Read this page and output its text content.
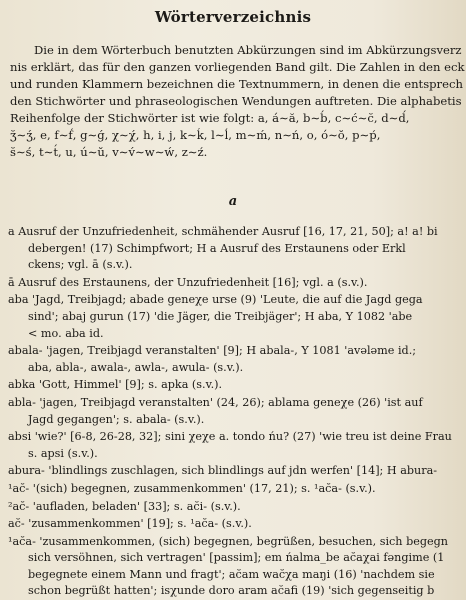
Wörterverzeichnis

Die in dem Wörterbuch benutzten Abkürzungen sind im Abkürzungsverz

nis erklärt, das für den ganzen vorliegenden Band gilt. Die Zahlen in den eck

und runden Klammern bezeichnen die Textnummern, in denen die entsprech

den Stichwörter und phraseologischen Wendungen auftreten. Die alphabetis

Reihenfolge der Stichwörter ist wie folgt: a, á∼ă, b∼b́, c∼ć∼c̆, d∼d́,

ʒ̆∼ʒ́, e, f∼f́, g∼ǵ, χ∼χ́, h, i, j, k∼ḱ, l∼ĺ, m∼ḿ, n∼ń, o, ó∼ŏ, p∼ṕ,

s̆∼ś, t∼t́, u, ú∼ŭ, v∼v́∼w∼ẃ, z∼ź.

a

a Ausruf der Unzufriedenheit, schmähender Ausruf [16, 17, 21, 50]; a! a! bi

debergen! (17) Schimpfwort; H a Ausruf des Erstaunens oder Erkl

ckens; vgl. ā (s.v.).

ā Ausruf des Erstaunens, der Unzufriedenheit [16]; vgl. a (s.v.).

aba 'Jagd, Treibjagd; abade geneχe urse (9) 'Leute, die auf die Jagd gega

sind'; abaj gurun (17) 'die Jäger, die Treibjäger'; H aba, Y 1082 'abe

< mo. aba id.

abala- 'jagen, Treibjagd veranstalten' [9]; H abala-, Y 1081 'avələme id.;

aba, abla-, awala-, awla-, awula- (s.v.).

abka 'Gott, Himmel' [9]; s. apka (s.v.).

abla- 'jagen, Treibjagd veranstalten' (24, 26); ablama geneχe (26) 'ist auf

Jagd gegangen'; s. abala- (s.v.).

absi 'wie?' [6-8, 26-28, 32]; sini χeχe a. tondo ńu? (27) 'wie treu ist deine Frau

s. apsi (s.v.).

abura- 'blindlings zuschlagen, sich blindlings auf jdn werfen' [14]; H abura-

¹ac̆- '(sich) begegnen, zusammenkommen' (17, 21); s. ¹ac̆a- (s.v.).

²ac̆- 'aufladen, beladen' [33]; s. ac̆i- (s.v.).

ac̆- 'zusammenkommen' [19]; s. ¹ac̆a- (s.v.).

¹ac̆a- 'zusammenkommen, (sich) begegnen, begrüßen, besuchen, sich begegn

sich versöhnen, sich vertragen' [passim]; em ńalma_be ac̆aχai fəngime (1

begegnete einem Mann und fragt'; ac̆am wac̆χa maŋi (16) 'nachdem sie

schon begrüßt hatten'; isχunde doro aram ac̆afi (19) 'sich gegenseitig b
